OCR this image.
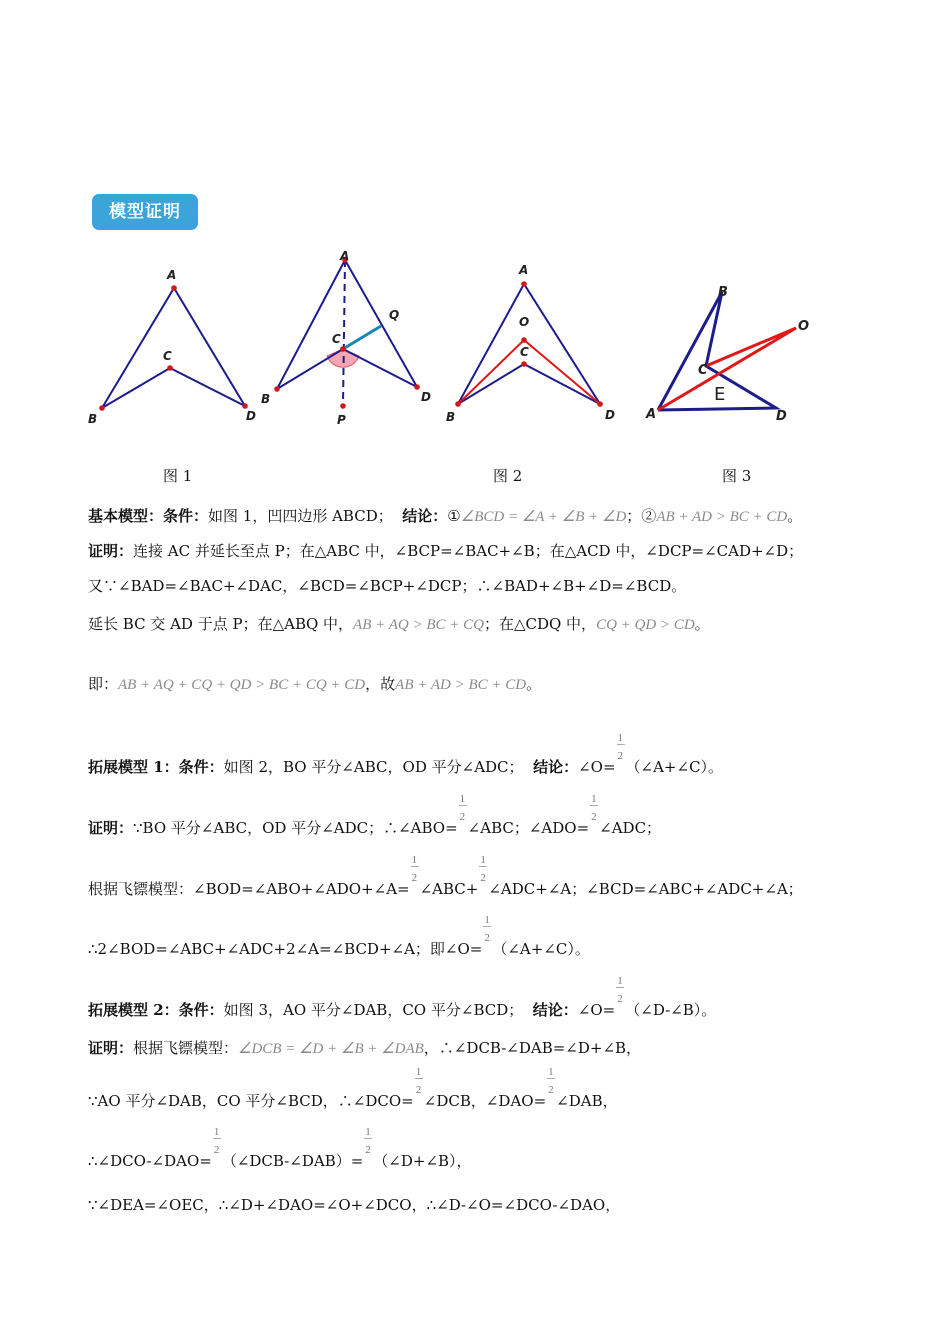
模型证明
A
B
C
D
A
B
C
D
P
Q
A
O
C
B	D
B
O
C
E
A	D
图 1	图 2	图 3
基本模型：条件：如图 1，凹四边形 ABCD； 结论：①∠BCD = ∠A + ∠B + ∠D；②AB + AD > BC + CD。
证明：连接 AC 并延长至点 P；在△ABC 中，∠BCP=∠BAC+∠B；在△ACD 中，∠DCP=∠CAD+∠D；
又∵∠BAD=∠BAC+∠DAC，∠BCD=∠BCP+∠DCP；∴∠BAD+∠B+∠D=∠BCD。
延长 BC 交 AD 于点 P；在△ABQ 中，AB + AQ > BC + CQ；在△CDQ 中，CQ + QD > CD。
即：AB + AQ + CQ + QD > BC + CQ + CD，故AB + AD > BC + CD。
拓展模型 1：条件：如图 2，BO 平分∠ABC，OD 平分∠ADC； 结论：∠O= $\frac{1}{2}$ （∠A+∠C）。
证明：∵BO 平分∠ABC，OD 平分∠ADC；∴∠ABO= $\frac{1}{2}$ ∠ABC；∠ADO= $\frac{1}{2}$ ∠ADC；
根据飞镖模型：∠BOD=∠ABO+∠ADO+∠A= $\frac{1}{2}$ ∠ABC+ $\frac{1}{2}$ ∠ADC+∠A；∠BCD=∠ABC+∠ADC+∠A；
∴2∠BOD=∠ABC+∠ADC+2∠A=∠BCD+∠A；即∠O= $\frac{1}{2}$ （∠A+∠C）。
拓展模型 2：条件：如图 3，AO 平分∠DAB，CO 平分∠BCD； 结论：∠O= $\frac{1}{2}$ （∠D-∠B）。
证明：根据飞镖模型：∠DCB = ∠D + ∠B + ∠DAB，∴∠DCB-∠DAB=∠D+∠B，
∵AO 平分∠DAB，CO 平分∠BCD，∴∠DCO= $\frac{1}{2}$ ∠DCB，∠DAO= $\frac{1}{2}$ ∠DAB，
∴∠DCO-∠DAO= $\frac{1}{2}$ （∠DCB-∠DAB）= $\frac{1}{2}$ （∠D+∠B），
∵∠DEA=∠OEC，∴∠D+∠DAO=∠O+∠DCO，∴∠D-∠O=∠DCO-∠DAO，
